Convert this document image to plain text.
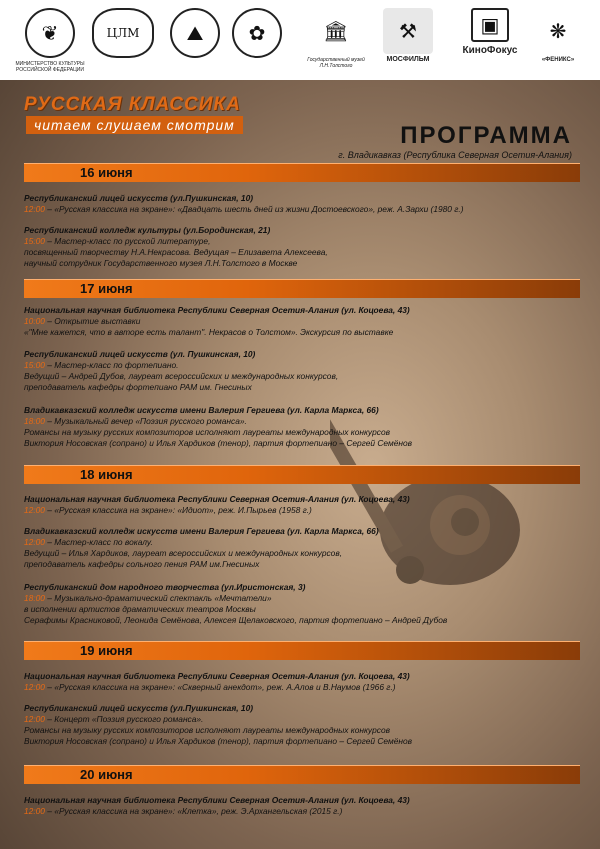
❦
МИНИСТЕРСТВО КУЛЬТУРЫ РОССИЙСКОЙ ФЕДЕРАЦИИ
ЦЛМ	⛰	✿	🏛
Государственный музей Л.Н.Толстого
⚒
МОСФИЛЬМ
▣
КиноФокус
❋
«ФЕНИКС»
РУССКАЯ КЛАССИКА
читаем слушаем смотрим	ПРОГРАММА
г. Владикавказ (Республика Северная Осетия-Алания)
16 июня
Республиканский лицей искусств (ул.Пушкинская, 10)
12:00 – «Русская классика на экране»: «Двадцать шесть дней из жизни Достоевского», реж. А.Зархи (1980 г.)
Республиканский колледж культуры (ул.Бородинская, 21)
15:00 – Мастер-класс по русской литературе,
посвященный творчеству Н.А.Некрасова. Ведущая – Елизавета Алексеева,
научный сотрудник Государственного музея Л.Н.Толстого в Москве
17 июня
Национальная научная библиотека Республики Северная Осетия-Алания (ул. Коцоева, 43)
10:00 – Открытие выставки
«"Мне кажется, что в авторе есть талант". Некрасов о Толстом». Экскурсия по выставке
Республиканский лицей искусств (ул. Пушкинская, 10)
15:00 – Мастер-класс по фортепиано.
Ведущий – Андрей Дубов, лауреат всероссийских и международных конкурсов,
преподаватель кафедры фортепиано РАМ им. Гнесиных
Владикавказский колледж искусств имени Валерия Гергиева (ул. Карла Маркса, 66)
18:00 – Музыкальный вечер «Поэзия русского романса».
Романсы на музыку русских композиторов исполняют лауреаты международных конкурсов
Виктория Носовская (сопрано) и Илья Хардиков (тенор), партия фортепиано – Сергей Семёнов
18 июня
Национальная научная библиотека Республики Северная Осетия-Алания (ул. Коцоева, 43)
12:00 – «Русская классика на экране»: «Идиот», реж. И.Пырьев (1958 г.)
Владикавказский колледж искусств имени Валерия Гергиева (ул. Карла Маркса, 66)
12:00 – Мастер-класс по вокалу.
Ведущий – Илья Хардиков, лауреат всероссийских и международных конкурсов,
преподаватель кафедры сольного пения РАМ им.Гнесиных
Республиканский дом народного творчества (ул.Иристонская, 3)
18:00 – Музыкально-драматический спектакль «Мечтатели»
в исполнении артистов драматических театров Москвы
Серафимы Красниковой, Леонида Семёнова, Алексея Щелаковского, партия фортепиано – Андрей Дубов
19 июня
Национальная научная библиотека Республики Северная Осетия-Алания (ул. Коцоева, 43)
12:00 – «Русская классика на экране»: «Скверный анекдот», реж. А.Алов и В.Наумов (1966 г.)
Республиканский лицей искусств (ул.Пушкинская, 10)
12:00 – Концерт «Поэзия русского романса».
Романсы на музыку русских композиторов исполняют лауреаты международных конкурсов
Виктория Носовская (сопрано) и Илья Хардиков (тенор), партия фортепиано – Сергей Семёнов
20 июня
Национальная научная библиотека Республики Северная Осетия-Алания (ул. Коцоева, 43)
12:00 – «Русская классика на экране»: «Клетка», реж. Э.Архангельская (2015 г.)
